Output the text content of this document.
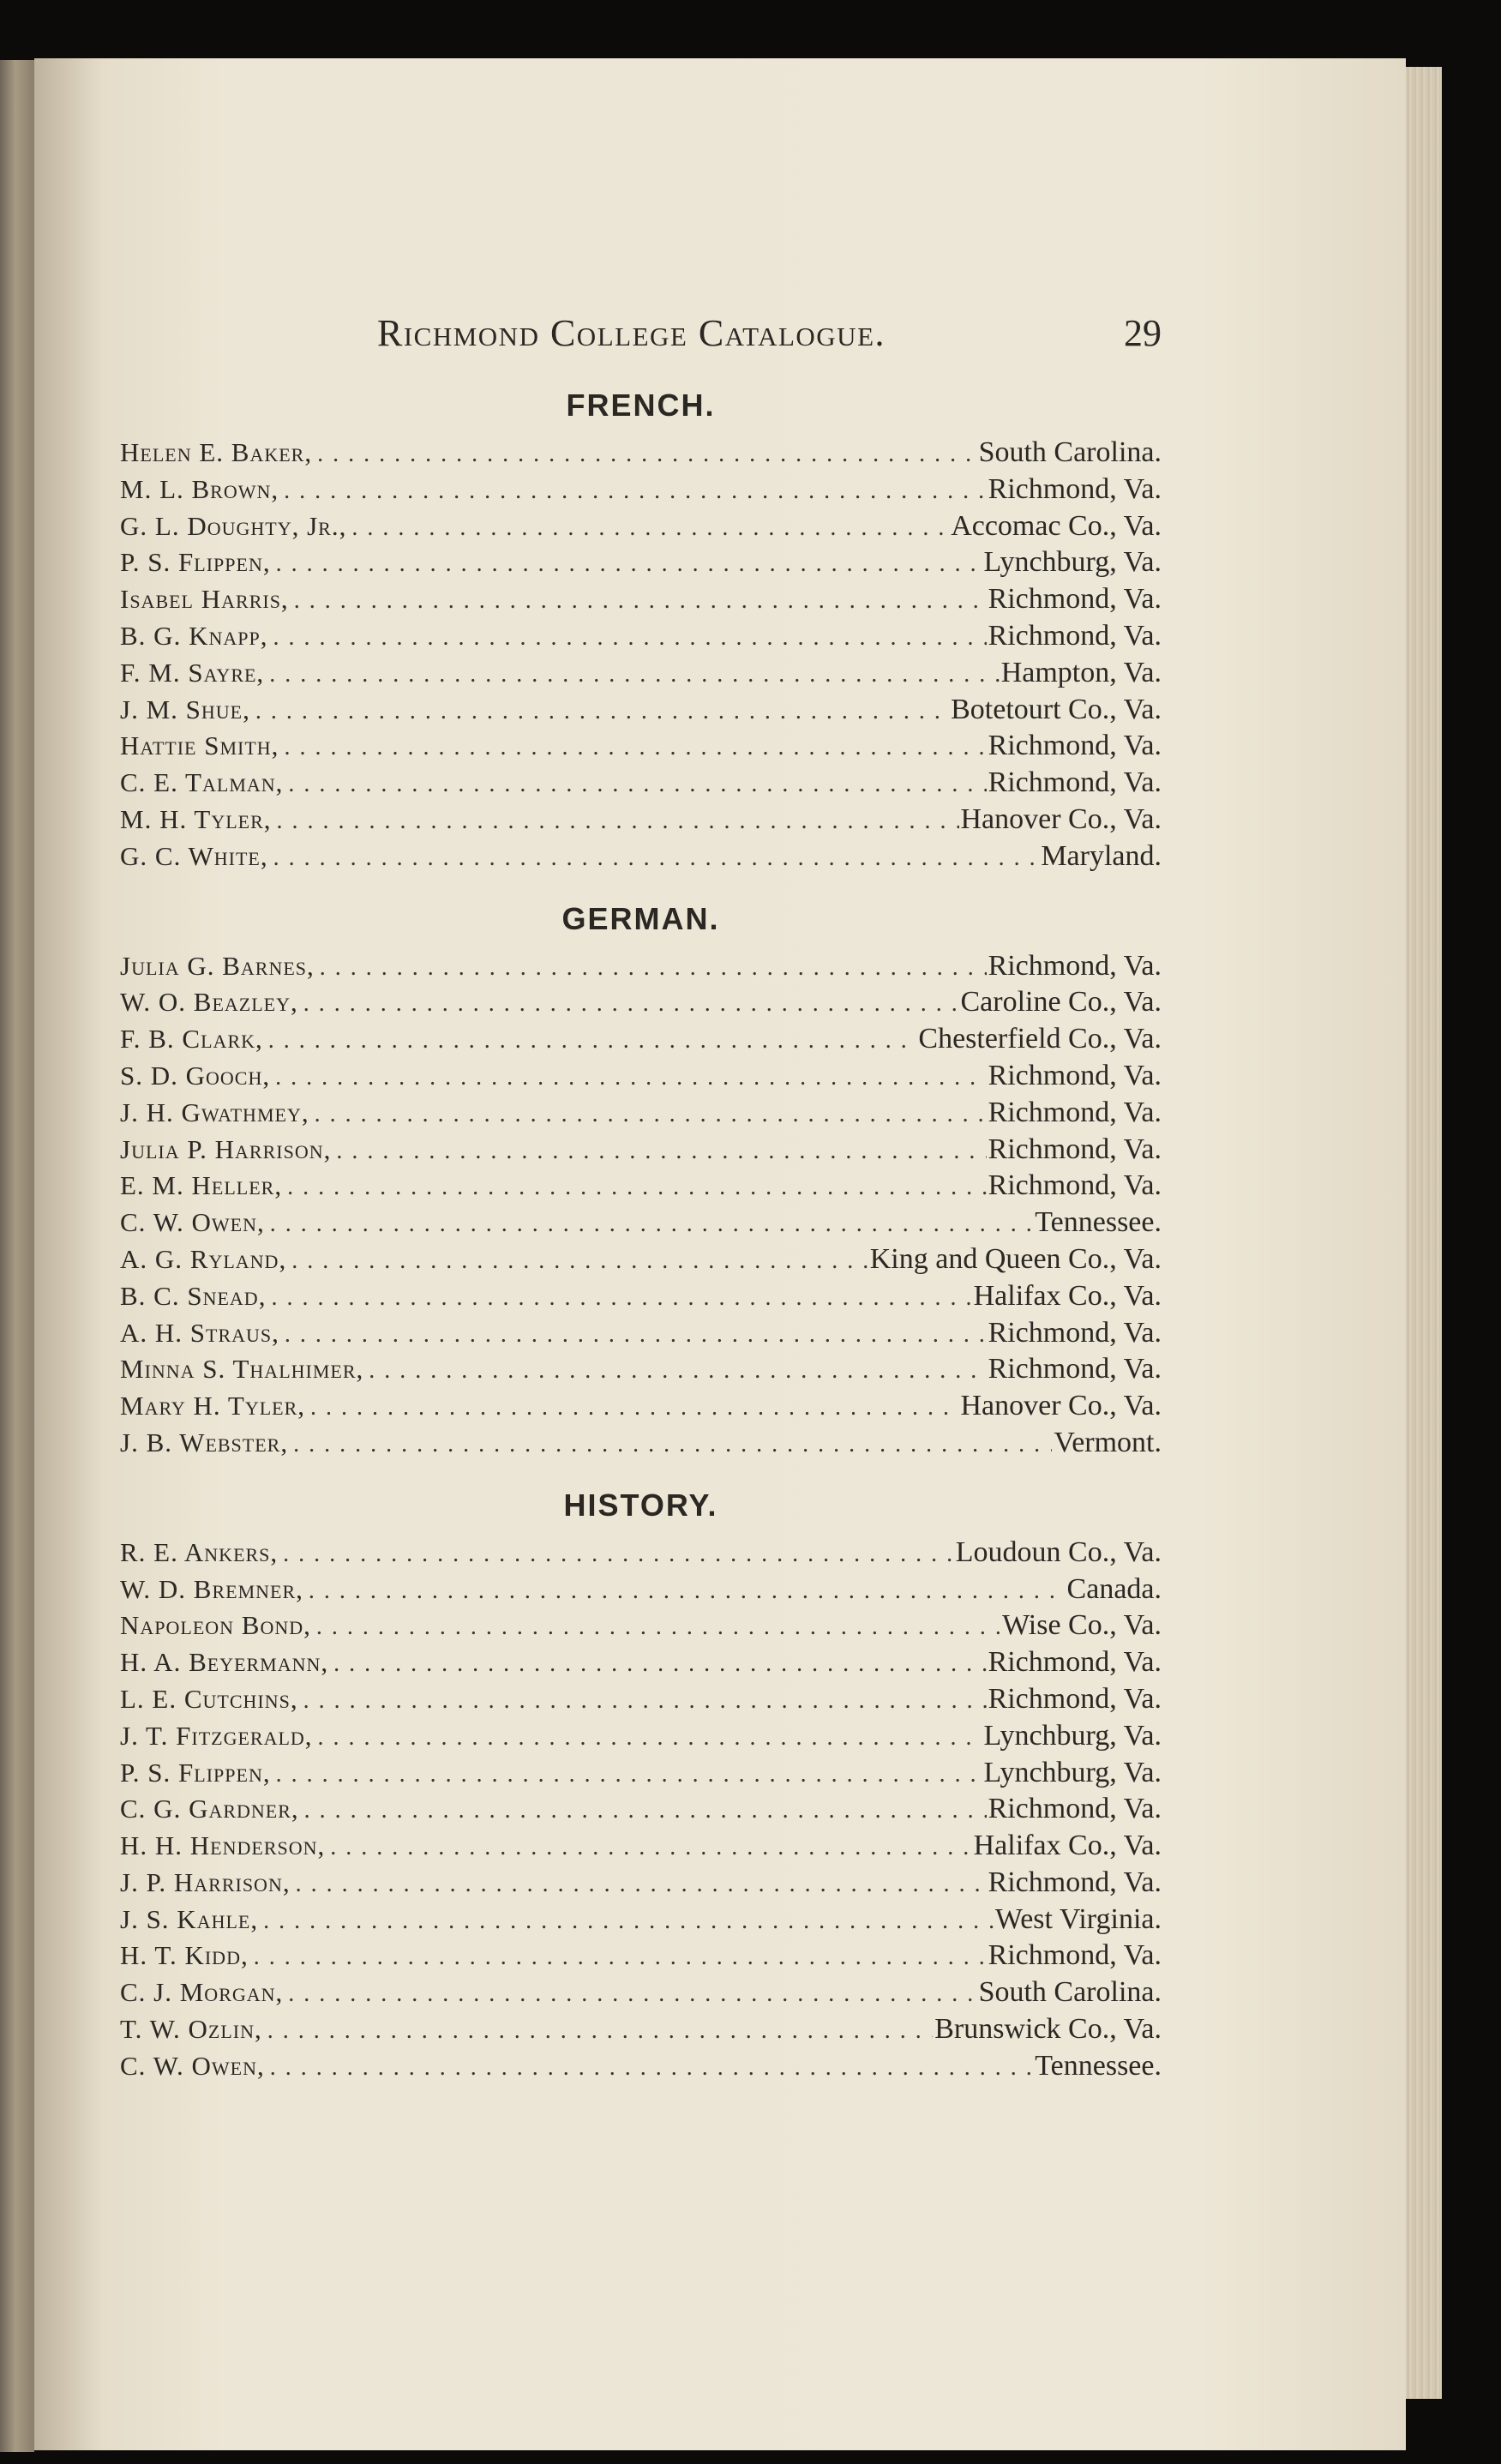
Richmond College Catalogue.	29
FRENCH.
Helen E. Baker, . . .	South Carolina.
M. L. Brown, . . .	Richmond, Va.
G. L. Doughty, Jr., . . .	Accomac Co., Va.
P. S. Flippen, . . .	Lynchburg, Va.
Isabel Harris, . . .	Richmond, Va.
B. G. Knapp, . . .	Richmond, Va.
F. M. Sayre, . . .	Hampton, Va.
J. M. Shue, . . .	Botetourt Co., Va.
Hattie Smith, . . .	Richmond, Va.
C. E. Talman, . . .	Richmond, Va.
M. H. Tyler, . . .	Hanover Co., Va.
G. C. White, . . .	Maryland.
GERMAN.
Julia G. Barnes, . . .	Richmond, Va.
W. O. Beazley, . . .	Caroline Co., Va.
F. B. Clark, . . .	Chesterfield Co., Va.
S. D. Gooch, . . .	Richmond, Va.
J. H. Gwathmey, . . .	Richmond, Va.
Julia P. Harrison, . . .	Richmond, Va.
E. M. Heller, . . .	Richmond, Va.
C. W. Owen, . . .	Tennessee.
A. G. Ryland, . . .	King and Queen Co., Va.
B. C. Snead, . . .	Halifax Co., Va.
A. H. Straus, . . .	Richmond, Va.
Minna S. Thalhimer, . . .	Richmond, Va.
Mary H. Tyler, . . .	Hanover Co., Va.
J. B. Webster, . . .	Vermont.
HISTORY.
R. E. Ankers, . . .	Loudoun Co., Va.
W. D. Bremner, . . .	Canada.
Napoleon Bond, . . .	Wise Co., Va.
H. A. Beyermann, . . .	Richmond, Va.
L. E. Cutchins, . . .	Richmond, Va.
J. T. Fitzgerald, . . .	Lynchburg, Va.
P. S. Flippen, . . .	Lynchburg, Va.
C. G. Gardner, . . .	Richmond, Va.
H. H. Henderson, . . .	Halifax Co., Va.
J. P. Harrison, . . .	Richmond, Va.
J. S. Kahle, . . .	West Virginia.
H. T. Kidd, . . .	Richmond, Va.
C. J. Morgan, . . .	South Carolina.
T. W. Ozlin, . . .	Brunswick Co., Va.
C. W. Owen, . . .	Tennessee.
